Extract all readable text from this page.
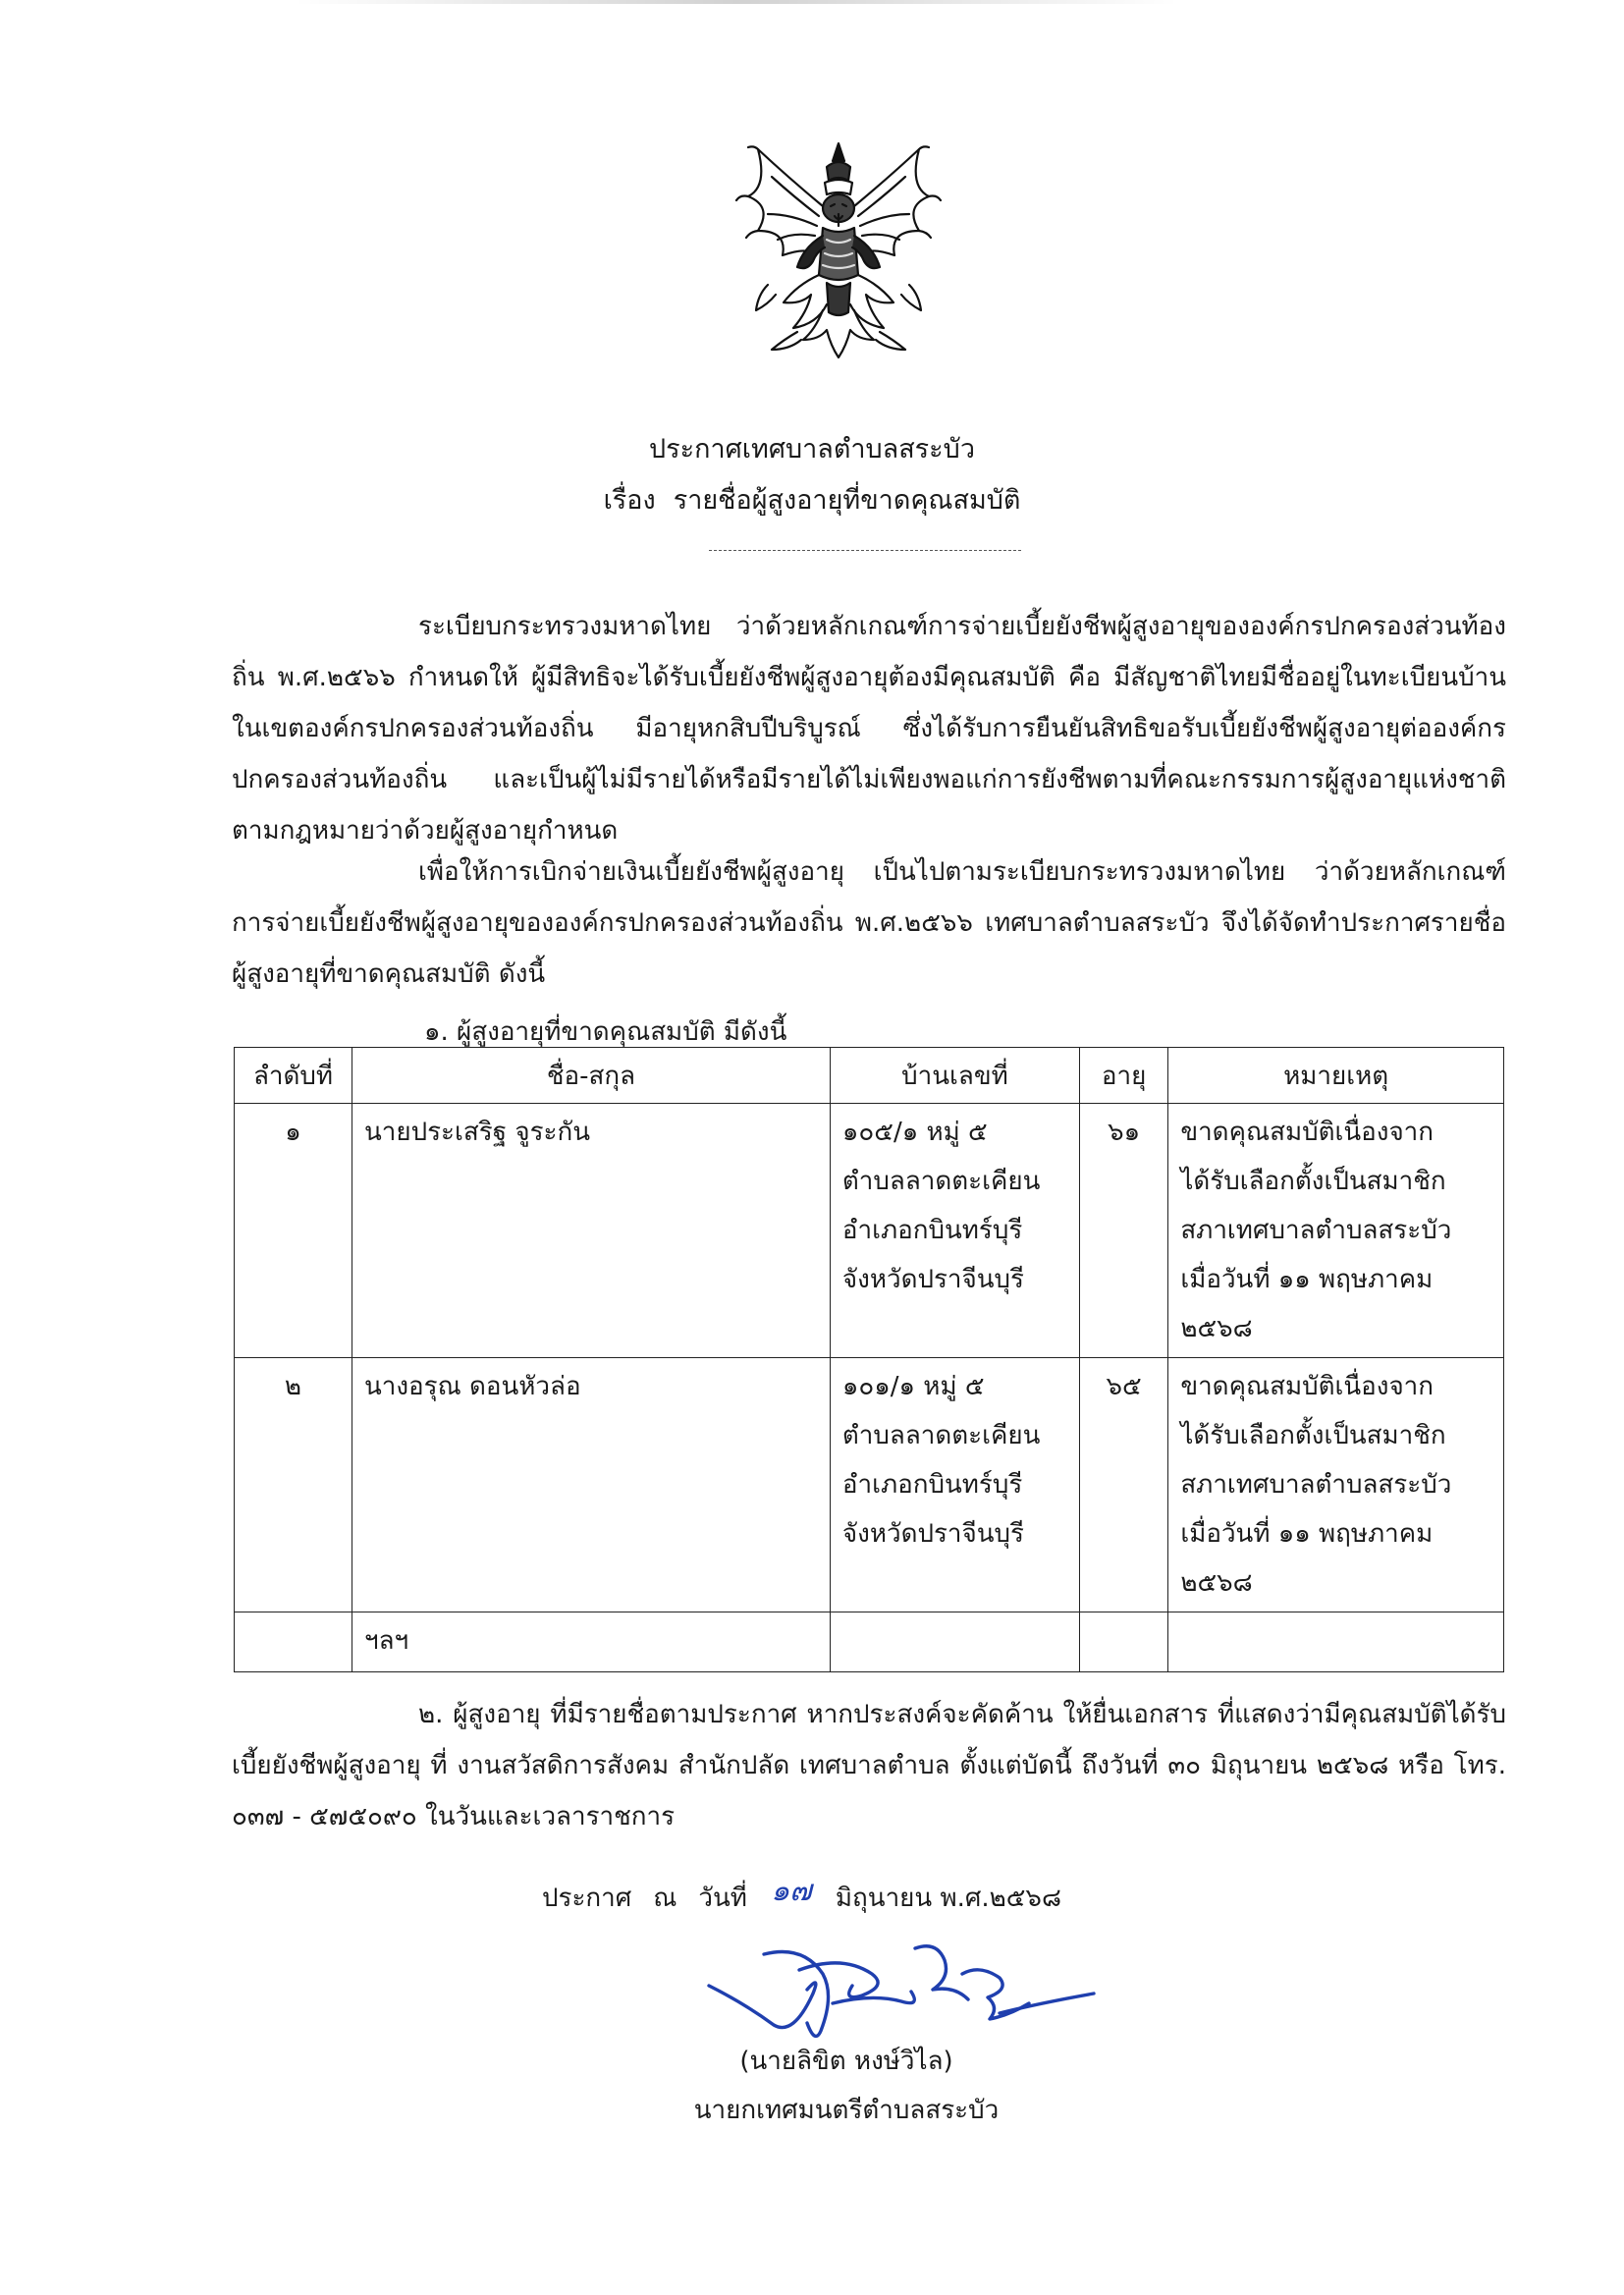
ประกาศเทศบาลตำบลสระบัว
เรื่อง รายชื่อผู้สูงอายุที่ขาดคุณสมบัติ

ระเบียบกระทรวงมหาดไทย ว่าด้วยหลักเกณฑ์การจ่ายเบี้ยยังชีพผู้สูงอายุขององค์กรปกครองส่วนท้องถิ่น พ.ศ.๒๕๖๖ กำหนดให้ ผู้มีสิทธิจะได้รับเบี้ยยังชีพผู้สูงอายุต้องมีคุณสมบัติ คือ มีสัญชาติไทยมีชื่ออยู่ในทะเบียนบ้านในเขตองค์กรปกครองส่วนท้องถิ่น มีอายุหกสิบปีบริบูรณ์ ซึ่งได้รับการยืนยันสิทธิขอรับเบี้ยยังชีพผู้สูงอายุต่อองค์กรปกครองส่วนท้องถิ่น และเป็นผู้ไม่มีรายได้หรือมีรายได้ไม่เพียงพอแก่การยังชีพตามที่คณะกรรมการผู้สูงอายุแห่งชาติตามกฎหมายว่าด้วยผู้สูงอายุกำหนด

เพื่อให้การเบิกจ่ายเงินเบี้ยยังชีพผู้สูงอายุ เป็นไปตามระเบียบกระทรวงมหาดไทย ว่าด้วยหลักเกณฑ์การจ่ายเบี้ยยังชีพผู้สูงอายุขององค์กรปกครองส่วนท้องถิ่น พ.ศ.๒๕๖๖ เทศบาลตำบลสระบัว จึงได้จัดทำประกาศรายชื่อผู้สูงอายุที่ขาดคุณสมบัติ ดังนี้

๑. ผู้สูงอายุที่ขาดคุณสมบัติ มีดังนี้
ลำดับที่	ชื่อ-สกุล	บ้านเลขที่	อายุ	หมายเหตุ
๑	นายประเสริฐ จูระกัน	๑๐๕/๑ หมู่ ๕
ตำบลลาดตะเคียน
อำเภอกบินทร์บุรี
จังหวัดปราจีนบุรี	๖๑	ขาดคุณสมบัติเนื่องจาก
ได้รับเลือกตั้งเป็นสมาชิก
สภาเทศบาลตำบลสระบัว
เมื่อวันที่ ๑๑ พฤษภาคม
๒๕๖๘

๒	นางอรุณ ดอนหัวล่อ	๑๐๑/๑ หมู่ ๕
ตำบลลาดตะเคียน
อำเภอกบินทร์บุรี
จังหวัดปราจีนบุรี	๖๕	ขาดคุณสมบัติเนื่องจาก
ได้รับเลือกตั้งเป็นสมาชิก
สภาเทศบาลตำบลสระบัว
เมื่อวันที่ ๑๑ พฤษภาคม
๒๕๖๘

	ฯลฯ			

๒. ผู้สูงอายุ ที่มีรายชื่อตามประกาศ หากประสงค์จะคัดค้าน ให้ยื่นเอกสาร ที่แสดงว่ามีคุณสมบัติได้รับเบี้ยยังชีพผู้สูงอายุ ที่ งานสวัสดิการสังคม สำนักปลัด เทศบาลตำบล ตั้งแต่บัดนี้ ถึงวันที่ ๓๐ มิถุนายน ๒๕๖๘ หรือ โทร. ๐๓๗ - ๕๗๕๐๙๐ ในวันและเวลาราชการ

ประกาศ ณ วันที่ ๑๗ มิถุนายน พ.ศ.๒๕๖๘
(นายลิขิต หงษ์วิไล)
นายกเทศมนตรีตำบลสระบัว
